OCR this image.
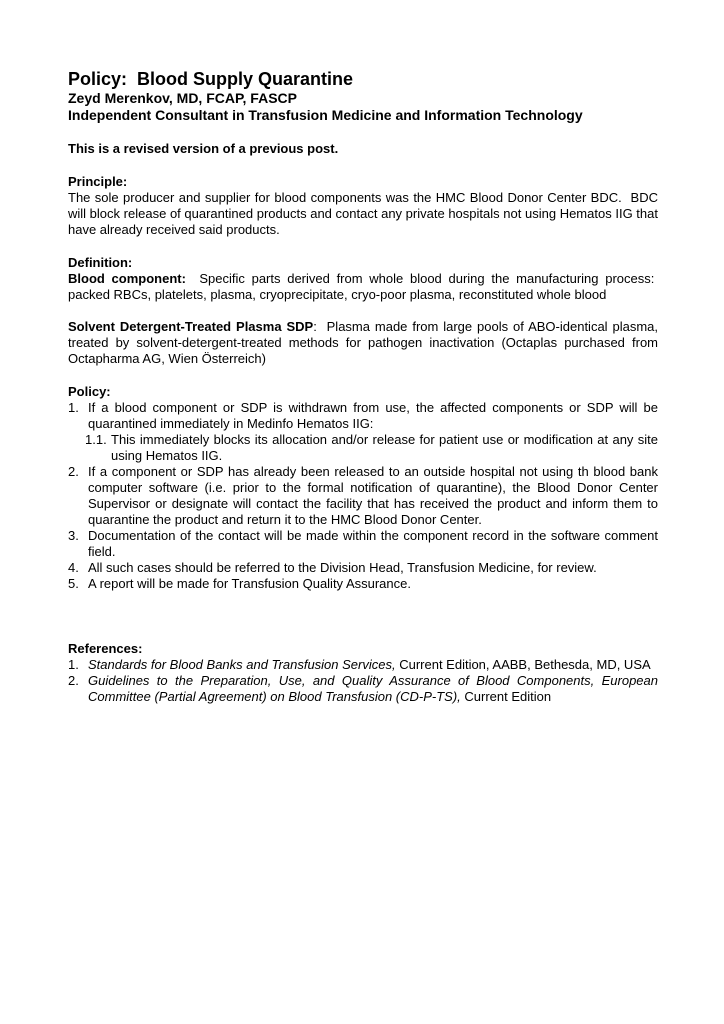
Policy:  Blood Supply Quarantine
Zeyd Merenkov, MD, FCAP, FASCP
Independent Consultant in Transfusion Medicine and Information Technology

This is a revised version of a previous post.

Principle:

The sole producer and supplier for blood components was the HMC Blood Donor Center BDC.  BDC will block release of quarantined products and contact any private hospitals not using Hematos IIG that have already received said products.

Definition:

Blood component:  Specific parts derived from whole blood during the manufacturing process:  packed RBCs, platelets, plasma, cryoprecipitate, cryo-poor plasma, reconstituted whole blood

Solvent Detergent-Treated Plasma SDP:  Plasma made from large pools of ABO-identical plasma, treated by solvent-detergent-treated methods for pathogen inactivation (Octaplas purchased from Octapharma AG, Wien Österreich)

Policy:
1. If a blood component or SDP is withdrawn from use, the affected components or SDP will be quarantined immediately in Medinfo Hematos IIG:
1.1. This immediately blocks its allocation and/or release for patient use or modification at any site using Hematos IIG.
2. If a component or SDP has already been released to an outside hospital not using th blood bank computer software (i.e. prior to the formal notification of quarantine), the Blood Donor Center Supervisor or designate will contact the facility that has received the product and inform them to quarantine the product and return it to the HMC Blood Donor Center.
3. Documentation of the contact will be made within the component record in the software comment field.
4. All such cases should be referred to the Division Head, Transfusion Medicine, for review.
5. A report will be made for Transfusion Quality Assurance.
References:
1. Standards for Blood Banks and Transfusion Services, Current Edition, AABB, Bethesda, MD, USA
2. Guidelines to the Preparation, Use, and Quality Assurance of Blood Components, European Committee (Partial Agreement) on Blood Transfusion (CD-P-TS), Current Edition
